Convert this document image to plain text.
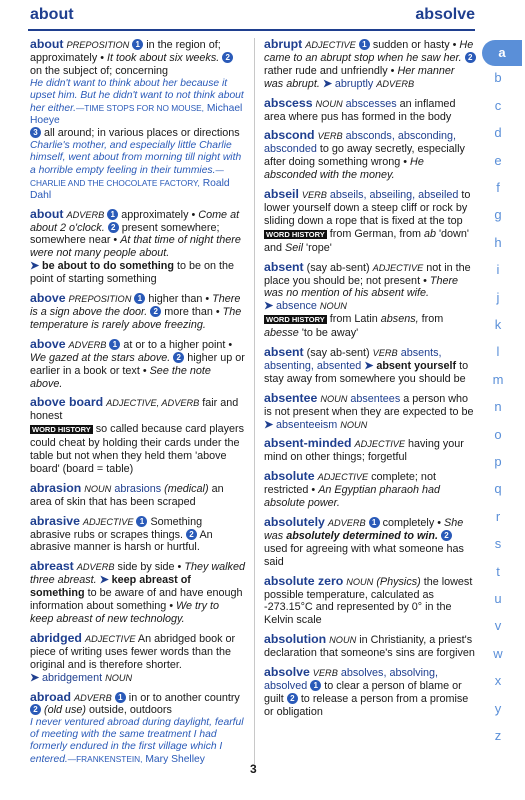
about	absolve
about PREPOSITION 1 in the region of; approximately • It took about six weeks. 2 on the subject of; concerning
He didn't want to think about her because it upset him. But he didn't want to not think about her either.—TIME STOPS FOR NO MOUSE, Michael Hoeye
3 all around; in various places or directions
Charlie's mother, and especially little Charlie himself, went about from morning till night with a horrible empty feeling in their tummies.—CHARLIE AND THE CHOCOLATE FACTORY, Roald Dahl
about ADVERB 1 approximately • Come at about 2 o'clock. 2 present somewhere; somewhere near • At that time of night there were not many people about.
➤ be about to do something to be on the point of starting something
above PREPOSITION 1 higher than • There is a sign above the door. 2 more than • The temperature is rarely above freezing.
above ADVERB 1 at or to a higher point • We gazed at the stars above. 2 higher up or earlier in a book or text • See the note above.
above board ADJECTIVE, ADVERB fair and honest
WORD HISTORY so called because card players could cheat by holding their cards under the table but not when they held them 'above board' (board = table)
abrasion NOUN abrasions (medical) an area of skin that has been scraped
abrasive ADJECTIVE 1 Something abrasive rubs or scrapes things. 2 An abrasive manner is harsh or hurtful.
abreast ADVERB side by side • They walked three abreast. ➤ keep abreast of something to be aware of and have enough information about something • We try to keep abreast of new technology.
abridged ADJECTIVE An abridged book or piece of writing uses fewer words than the original and is therefore shorter.
➤ abridgement NOUN
abroad ADVERB 1 in or to another country 2 (old use) outside, outdoors
I never ventured abroad during daylight, fearful of meeting with the same treatment I had formerly endured in the first village which I entered.—FRANKENSTEIN, Mary Shelley
abrupt ADJECTIVE 1 sudden or hasty • He came to an abrupt stop when he saw her. 2 rather rude and unfriendly • Her manner was abrupt. ➤ abruptly ADVERB
abscess NOUN abscesses an inflamed area where pus has formed in the body
abscond VERB absconds, absconding, absconded to go away secretly, especially after doing something wrong • He absconded with the money.
abseil VERB abseils, abseiling, abseiled to lower yourself down a steep cliff or rock by sliding down a rope that is fixed at the top
WORD HISTORY from German, from ab 'down' and Seil 'rope'
absent (say ab-sent) ADJECTIVE not in the place you should be; not present • There was no mention of his absent wife.
➤ absence NOUN
WORD HISTORY from Latin absens, from abesse 'to be away'
absent (say ab-sent) VERB absents, absenting, absented ➤ absent yourself to stay away from somewhere you should be
absentee NOUN absentees a person who is not present when they are expected to be
➤ absenteeism NOUN
absent-minded ADJECTIVE having your mind on other things; forgetful
absolute ADJECTIVE complete; not restricted • An Egyptian pharaoh had absolute power.
absolutely ADVERB 1 completely • She was absolutely determined to win. 2 used for agreeing with what someone has said
absolute zero NOUN (Physics) the lowest possible temperature, calculated as -273.15°C and represented by 0° in the Kelvin scale
absolution NOUN in Christianity, a priest's declaration that someone's sins are forgiven
absolve VERB absolves, absolving, absolved 1 to clear a person of blame or guilt 2 to release a person from a promise or obligation
a
b
c
d
e
f
g
h
i
j
k
l
m
n
o
p
q
r
s
t
u
v
w
x
y
z
3
